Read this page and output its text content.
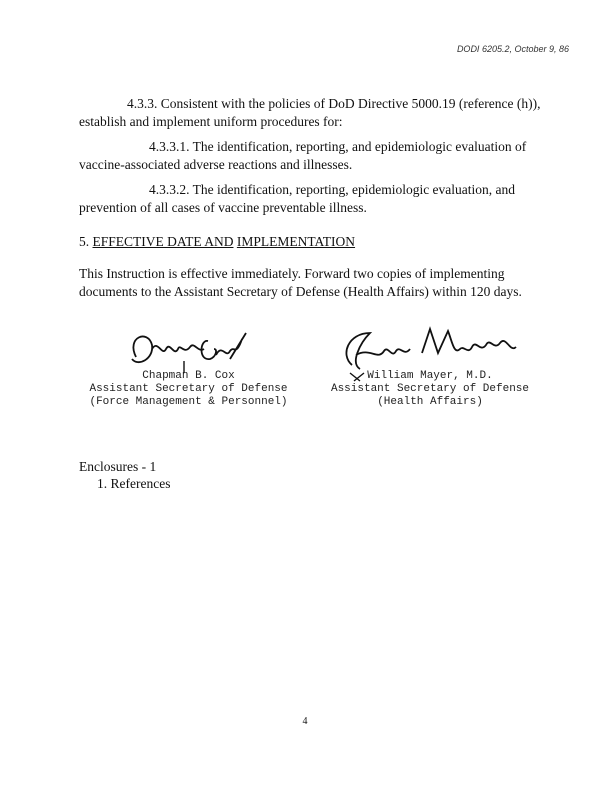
DODI 6205.2, October 9, 86
4.3.3. Consistent with the policies of DoD Directive 5000.19 (reference (h)), establish and implement uniform procedures for:
4.3.3.1. The identification, reporting, and epidemiologic evaluation of vaccine-associated adverse reactions and illnesses.
4.3.3.2. The identification, reporting, epidemiologic evaluation, and prevention of all cases of vaccine preventable illness.
5. EFFECTIVE DATE AND IMPLEMENTATION
This Instruction is effective immediately. Forward two copies of implementing documents to the Assistant Secretary of Defense (Health Affairs) within 120 days.
Chapman B. Cox
Assistant Secretary of Defense
(Force Management & Personnel)
William Mayer, M.D.
Assistant Secretary of Defense
(Health Affairs)
Enclosures - 1
1. References
4
